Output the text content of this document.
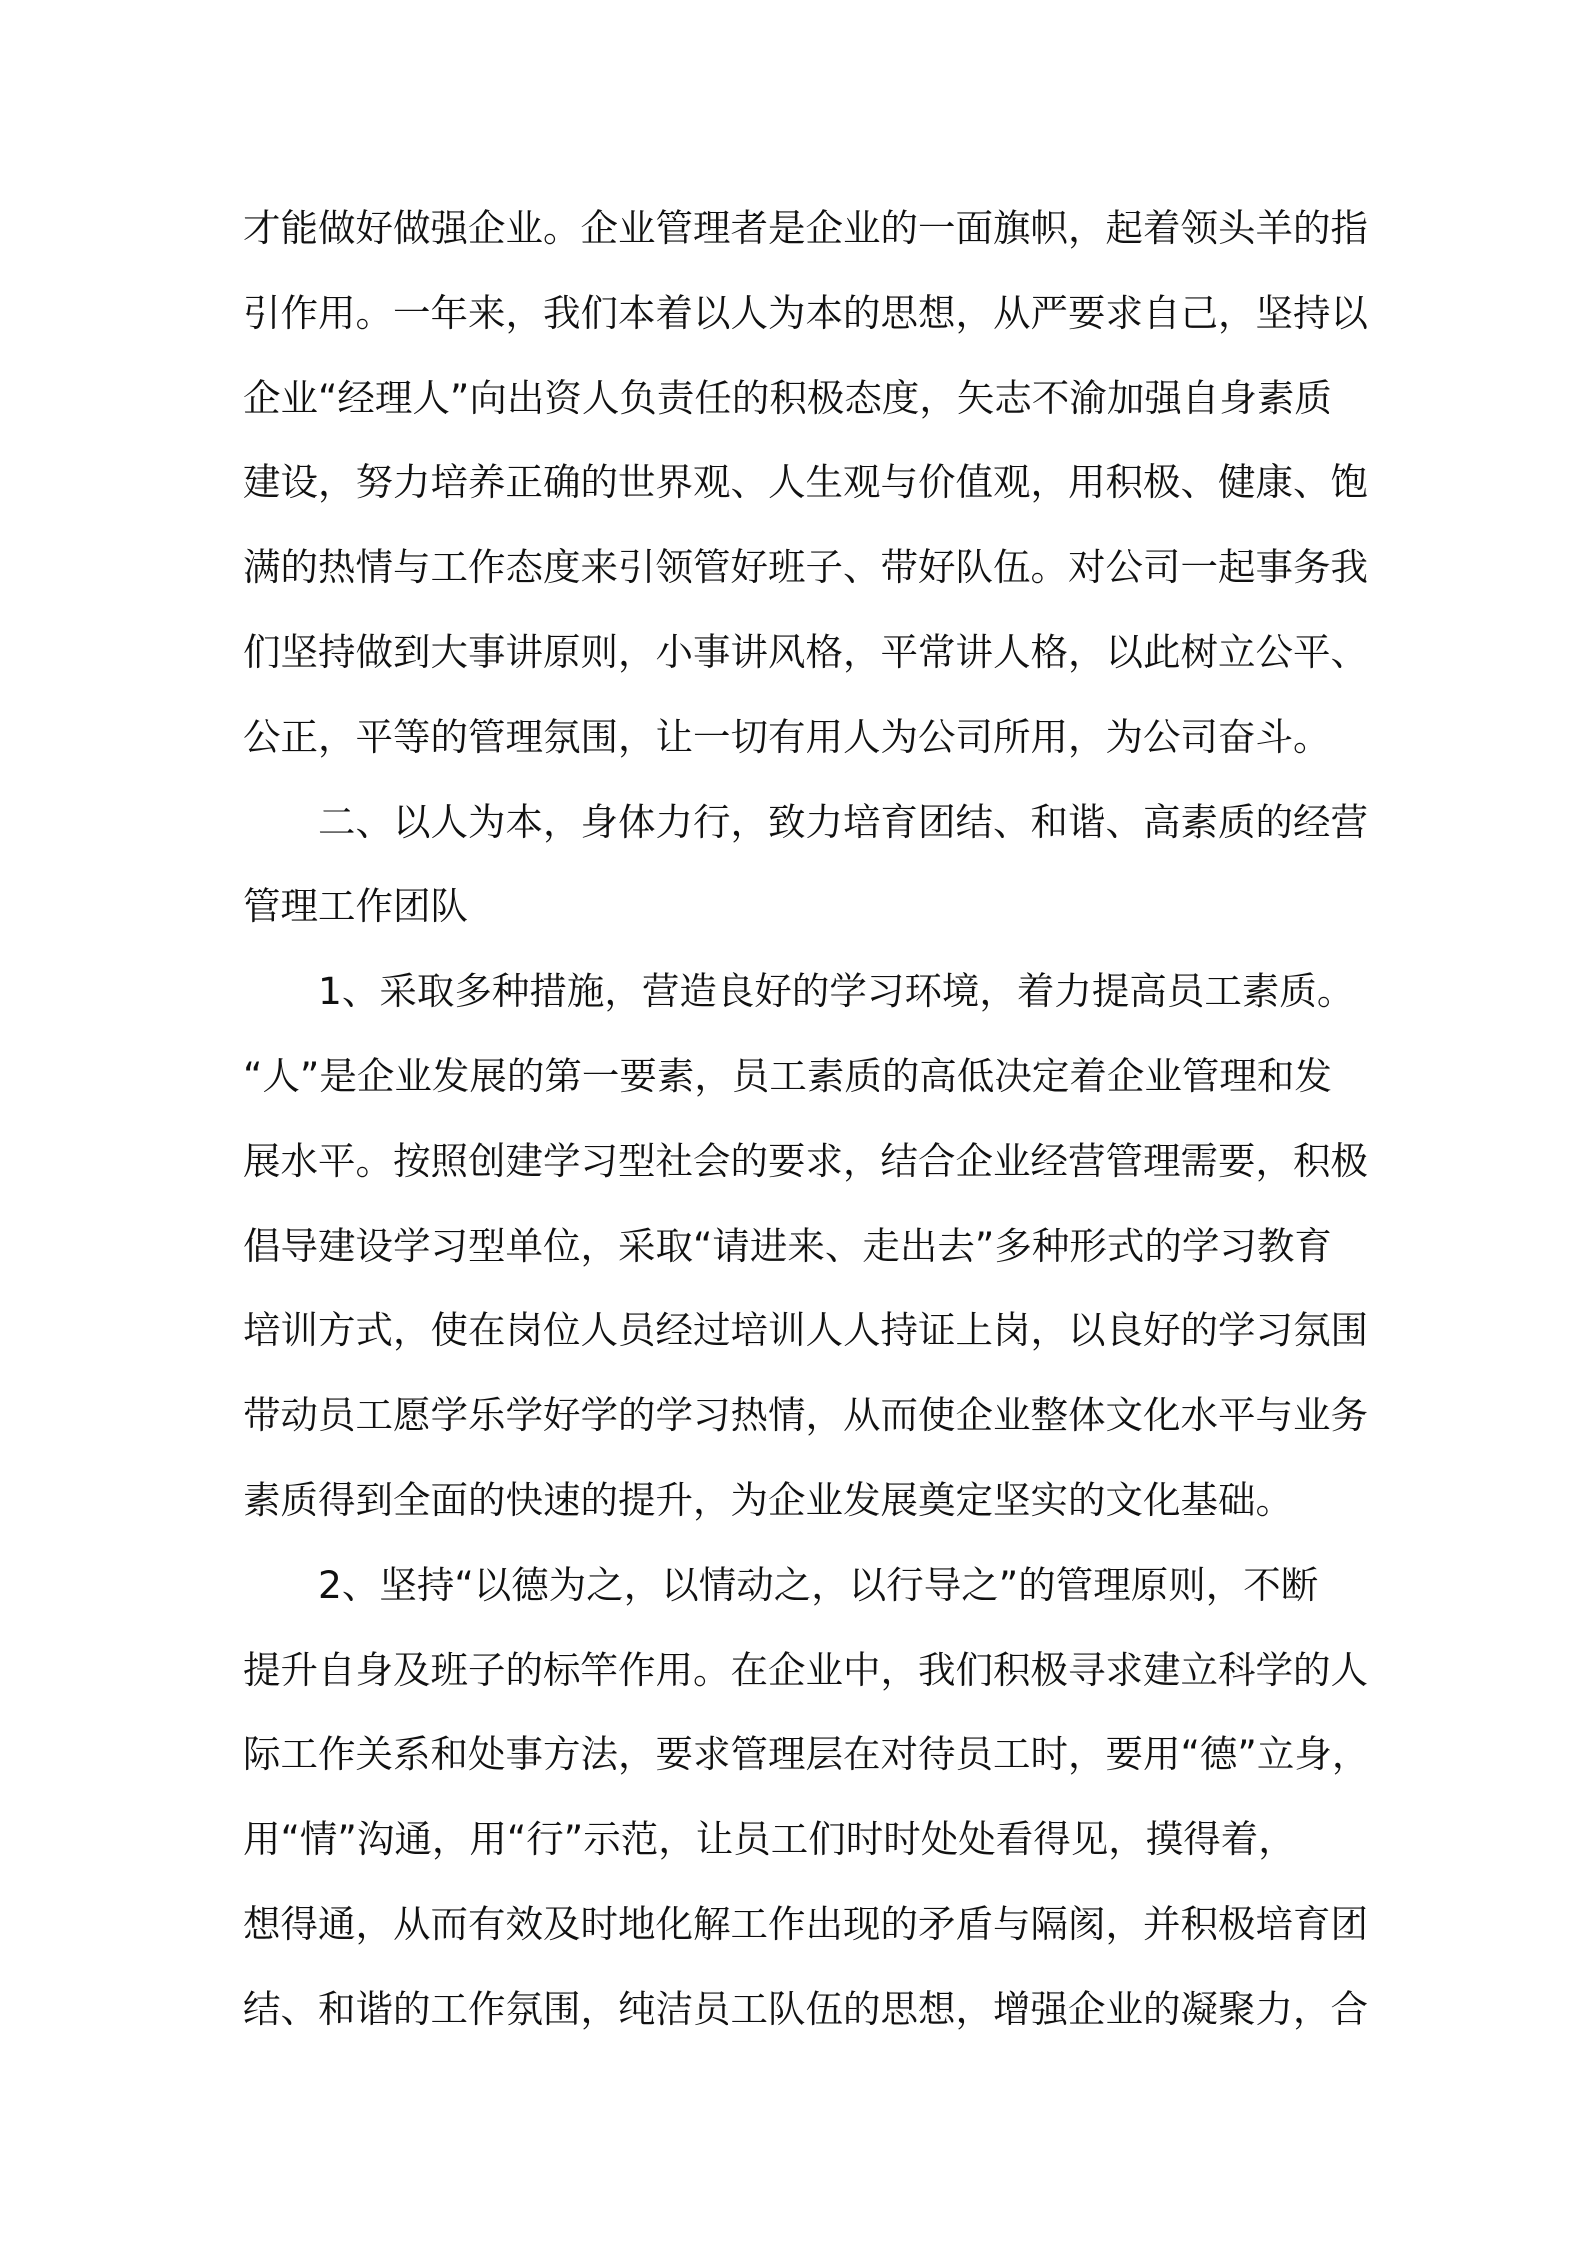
才能做好做强企业。企业管理者是企业的一面旗帜，起着领头羊的指
引作用。一年来，我们本着以人为本的思想，从严要求自己，坚持以
企业“经理人”向出资人负责任的积极态度，矢志不渝加强自身素质
建设，努力培养正确的世界观、人生观与价值观，用积极、健康、饱
满的热情与工作态度来引领管好班子、带好队伍。对公司一起事务我
们坚持做到大事讲原则，小事讲风格，平常讲人格，以此树立公平、
公正，平等的管理氛围，让一切有用人为公司所用，为公司奋斗。
二、以人为本，身体力行，致力培育团结、和谐、高素质的经营
管理工作团队
1、采取多种措施，营造良好的学习环境，着力提高员工素质。
“人”是企业发展的第一要素，员工素质的高低决定着企业管理和发
展水平。按照创建学习型社会的要求，结合企业经营管理需要，积极
倡导建设学习型单位，采取“请进来、走出去”多种形式的学习教育
培训方式，使在岗位人员经过培训人人持证上岗，以良好的学习氛围
带动员工愿学乐学好学的学习热情，从而使企业整体文化水平与业务
素质得到全面的快速的提升，为企业发展奠定坚实的文化基础。
2、坚持“以德为之，以情动之，以行导之”的管理原则，不断
提升自身及班子的标竿作用。在企业中，我们积极寻求建立科学的人
际工作关系和处事方法，要求管理层在对待员工时，要用“德”立身，
用“情”沟通，用“行”示范，让员工们时时处处看得见，摸得着，
想得通，从而有效及时地化解工作出现的矛盾与隔阂，并积极培育团
结、和谐的工作氛围，纯洁员工队伍的思想，增强企业的凝聚力，合
